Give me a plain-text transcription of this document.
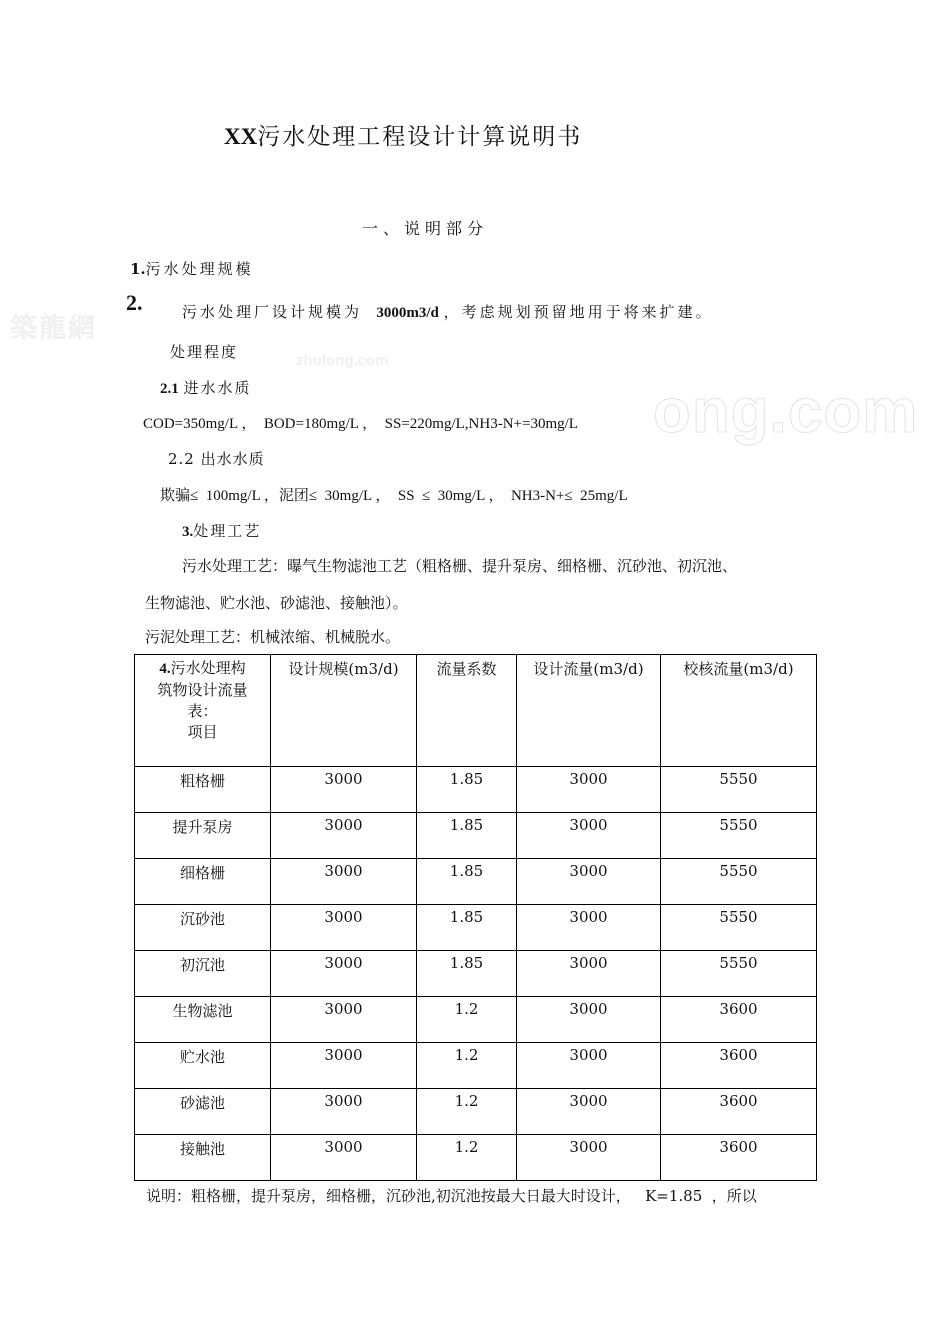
築龍網
zhulong.com
ong.com
XX污水处理工程设计计算说明书
一、说明部分
1.污水处理规模
2.	污水处理厂设计规模为 3000m3/d ，考虑规划预留地用于将来扩建。
处理程度
2.1 进水水质
COD=350mg/L ，  BOD=180mg/L ，  SS=220mg/L,NH3-N+=30mg/L
2.2 出水水质
欺骗≤  100mg/L ，泥团≤  30mg/L ，  SS  ≤  30mg/L ，  NH3-N+≤  25mg/L
3.处理工艺
污水处理工艺：曝气生物滤池工艺（粗格栅、提升泵房、细格栅、沉砂池、初沉池、
生物滤池、贮水池、砂滤池、接触池）。
污泥处理工艺：机械浓缩、机械脱水。
4.污水处理构
筑物设计流量
表：
项目	设计规模(m3/d)	流量系数	设计流量(m3/d)	校核流量(m3/d)
粗格栅	3000	1.85	3000	5550
提升泵房	3000	1.85	3000	5550
细格栅	3000	1.85	3000	5550
沉砂池	3000	1.85	3000	5550
初沉池	3000	1.85	3000	5550
生物滤池	3000	1.2	3000	3600
贮水池	3000	1.2	3000	3600
砂滤池	3000	1.2	3000	3600
接触池	3000	1.2	3000	3600
说明：粗格栅，提升泵房，细格栅，沉砂池,初沉池按最大日最大时设计，   K=1.85  ，所以
